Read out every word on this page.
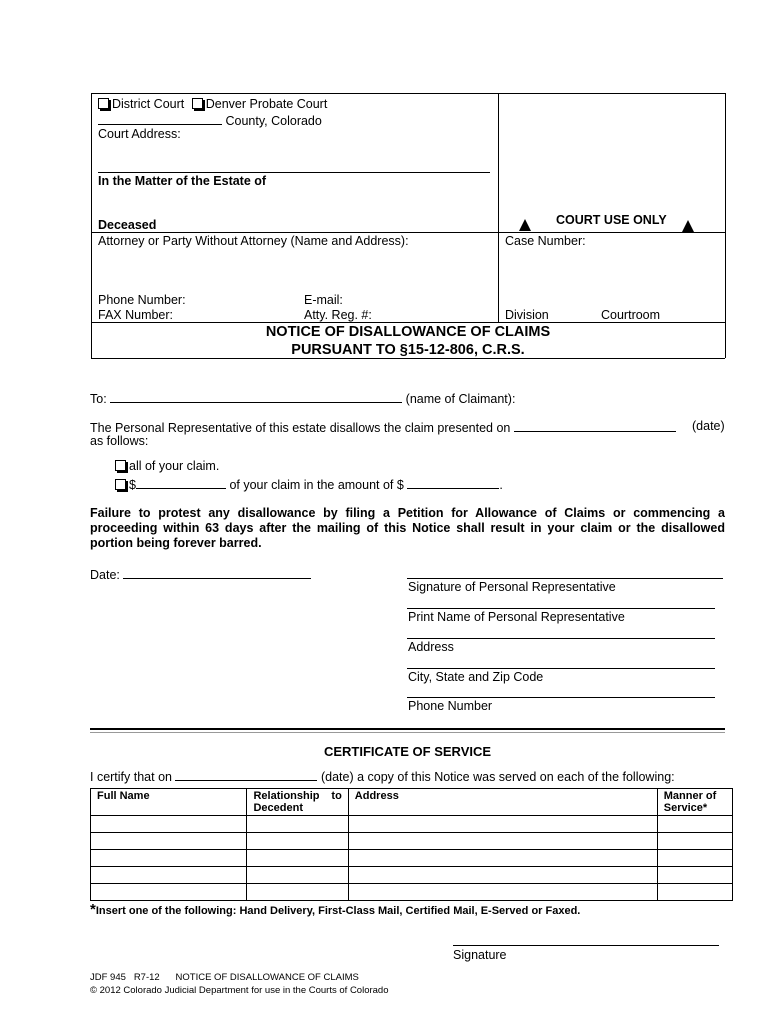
District Court Denver Probate Court
County, Colorado
Court Address:
In the Matter of the Estate of
Deceased	COURT USE ONLY
Attorney or Party Without Attorney (Name and Address):	Case Number:
Phone Number:	E-mail:
FAX Number:	Atty. Reg. #:	Division	Courtroom
NOTICE OF DISALLOWANCE OF CLAIMS
PURSUANT TO §15-12-806, C.R.S.
To:	(name of Claimant):
The Personal Representative of this estate disallows the claim presented on	(date)
as follows:
all of your claim.
$	of your claim in the amount of $	.
Failure to protest any disallowance by filing a Petition for Allowance of Claims or commencing a proceeding within 63 days after the mailing of this Notice shall result in your claim or the disallowed portion being forever barred.
Date:
Signature of Personal Representative
Print Name of Personal Representative
Address
City, State and Zip Code
Phone Number
CERTIFICATE OF SERVICE
I certify that on	(date) a copy of this Notice was served on each of the following:
Full Name	Relationship to Decedent	Address	Manner of Service*

*Insert one of the following: Hand Delivery, First-Class Mail, Certified Mail, E-Served or Faxed.
Signature
JDF 945   R7-12      NOTICE OF DISALLOWANCE OF CLAIMS
© 2012 Colorado Judicial Department for use in the Courts of Colorado
